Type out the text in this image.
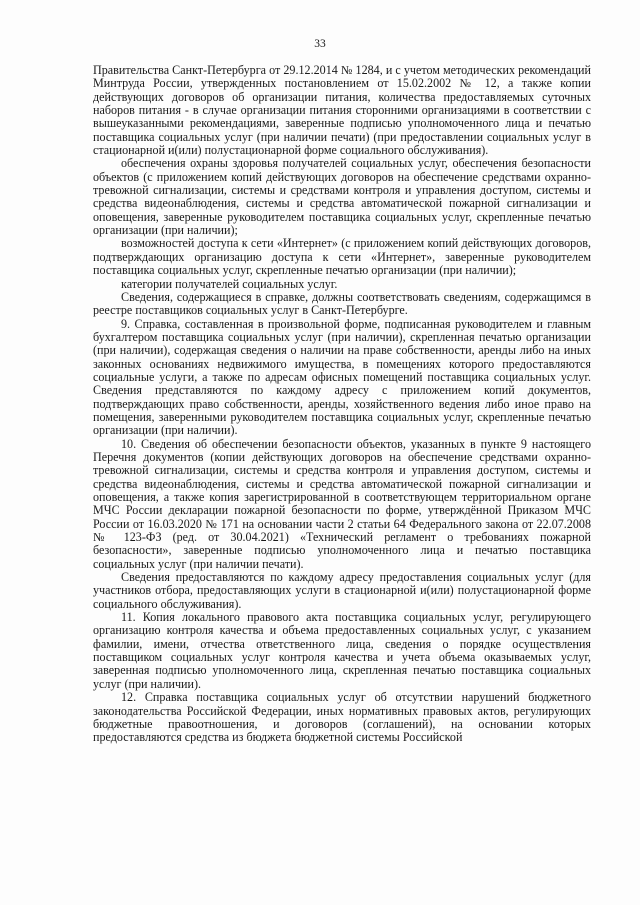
33

Правительства Санкт-Петербурга от 29.12.2014 № 1284, и с учетом методических рекомендаций Минтруда России, утвержденных постановлением от 15.02.2002 № 12, а также копии действующих договоров об организации питания, количества предоставляемых суточных наборов питания - в случае организации питания сторонними организациями в соответствии с вышеуказанными рекомендациями, заверенные подписью уполномоченного лица и печатью поставщика социальных услуг (при наличии печати) (при предоставлении социальных услуг в стационарной и(или) полустационарной форме социального обслуживания).

обеспечения охраны здоровья получателей социальных услуг, обеспечения безопасности объектов (с приложением копий действующих договоров на обеспечение средствами охранно-тревожной сигнализации, системы и средствами контроля и управления доступом, системы и средства видеонаблюдения, системы и средства автоматической пожарной сигнализации и оповещения, заверенные руководителем поставщика социальных услуг, скрепленные печатью организации (при наличии);

возможностей доступа к сети «Интернет» (с приложением копий действующих договоров, подтверждающих организацию доступа к сети «Интернет», заверенные руководителем поставщика социальных услуг, скрепленные печатью организации (при наличии);

категории получателей социальных услуг.

Сведения, содержащиеся в справке, должны соответствовать сведениям, содержащимся в реестре поставщиков социальных услуг в Санкт-Петербурге.

9. Справка, составленная в произвольной форме, подписанная руководителем и главным бухгалтером поставщика социальных услуг (при наличии), скрепленная печатью организации (при наличии), содержащая сведения о наличии на праве собственности, аренды либо на иных законных основаниях недвижимого имущества, в помещениях которого предоставляются социальные услуги, а также по адресам офисных помещений поставщика социальных услуг. Сведения представляются по каждому адресу с приложением копий документов, подтверждающих право собственности, аренды, хозяйственного ведения либо иное право на помещения, заверенными руководителем поставщика социальных услуг, скрепленные печатью организации (при наличии).

10. Сведения об обеспечении безопасности объектов, указанных в пункте 9 настоящего Перечня документов (копии действующих договоров на обеспечение средствами охранно-тревожной сигнализации, системы и средства контроля и управления доступом, системы и средства видеонаблюдения, системы и средства автоматической пожарной сигнализации и оповещения, а также копия зарегистрированной в соответствующем территориальном органе МЧС России декларации пожарной безопасности по форме, утверждённой Приказом МЧС России от 16.03.2020 № 171 на основании части 2 статьи 64 Федерального закона от 22.07.2008 № 123-ФЗ (ред. от 30.04.2021) «Технический регламент о требованиях пожарной безопасности», заверенные подписью уполномоченного лица и печатью поставщика социальных услуг (при наличии печати).

Сведения предоставляются по каждому адресу предоставления социальных услуг (для участников отбора, предоставляющих услуги в стационарной и(или) полустационарной форме социального обслуживания).

11. Копия локального правового акта поставщика социальных услуг, регулирующего организацию контроля качества и объема предоставленных социальных услуг, с указанием фамилии, имени, отчества ответственного лица, сведения о порядке осуществления поставщиком социальных услуг контроля качества и учета объема оказываемых услуг, заверенная подписью уполномоченного лица, скрепленная печатью поставщика социальных услуг (при наличии).

12. Справка поставщика социальных услуг об отсутствии нарушений бюджетного законодательства Российской Федерации, иных нормативных правовых актов, регулирующих бюджетные правоотношения, и договоров (соглашений), на основании которых предоставляются средства из бюджета бюджетной системы Российской
